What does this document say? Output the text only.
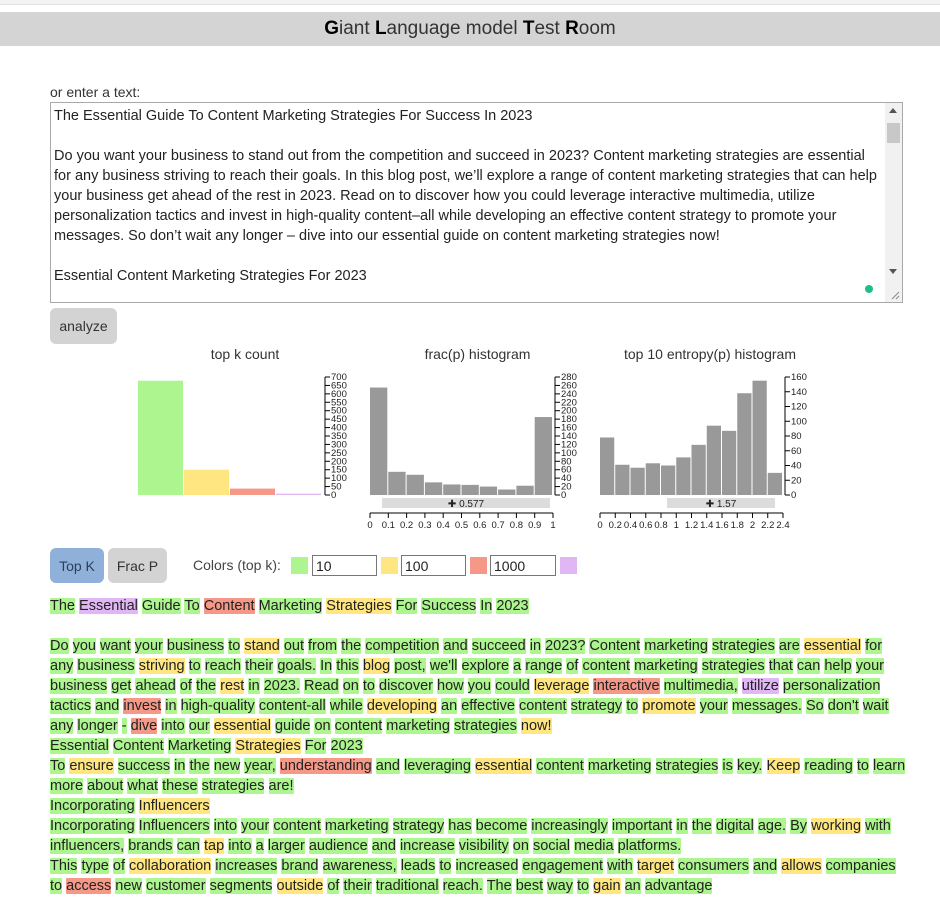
Giant Language model Test Room
or enter a text:
The Essential Guide To Content Marketing Strategies For Success In 2023

Do you want your business to stand out from the competition and succeed in 2023? Content marketing strategies are essential for any business striving to reach their goals. In this blog post, we’ll explore a range of content marketing strategies that can help your business get ahead of the rest in 2023. Read on to discover how you could leverage interactive multimedia, utilize personalization tactics and invest in high-quality content–all while developing an effective content strategy to promote your messages. So don’t wait any longer – dive into our essential guide on content marketing strategies now!

Essential Content Marketing Strategies For 2023
analyze
top k count	frac(p) histogram	top 10 entropy(p) histogram
700
650
600
550
500
450
400
350
300
250
200
150
100
50
0
280
260
240
220
200
180
160
140
120
100
80
60
40
20
0
✚ 0.577
0 0.1 0.2 0.3 0.4 0.5 0.6 0.7 0.8 0.9 1
160
140
120
100
80
60
40
20
0
✚ 1.57
0 0.2 0.4 0.6 0.8 1 1.2 1.4 1.6 1.8 2 2.2 2.4
Top K	Frac P	Colors (top k):	10	100	1000
The Essential Guide To Content Marketing Strategies For Success In 2023

Do you want your business to stand out from the competition and succeed in 2023? Content marketing strategies are essential for any business striving to reach their goals. In this blog post, we'll explore a range of content marketing strategies that can help your business get ahead of the rest in 2023. Read on to discover how you could leverage interactive multimedia, utilize personalization tactics and invest in high-quality content-all while developing an effective content strategy to promote your messages. So don't wait any longer - dive into our essential guide on content marketing strategies now!
Essential Content Marketing Strategies For 2023
To ensure success in the new year, understanding and leveraging essential content marketing strategies is key. Keep reading to learn more about what these strategies are!
Incorporating Influencers
Incorporating Influencers into your content marketing strategy has become increasingly important in the digital age. By working with influencers, brands can tap into a larger audience and increase visibility on social media platforms.
This type of collaboration increases brand awareness, leads to increased engagement with target consumers and allows companies to access new customer segments outside of their traditional reach. The best way to gain an advantage
